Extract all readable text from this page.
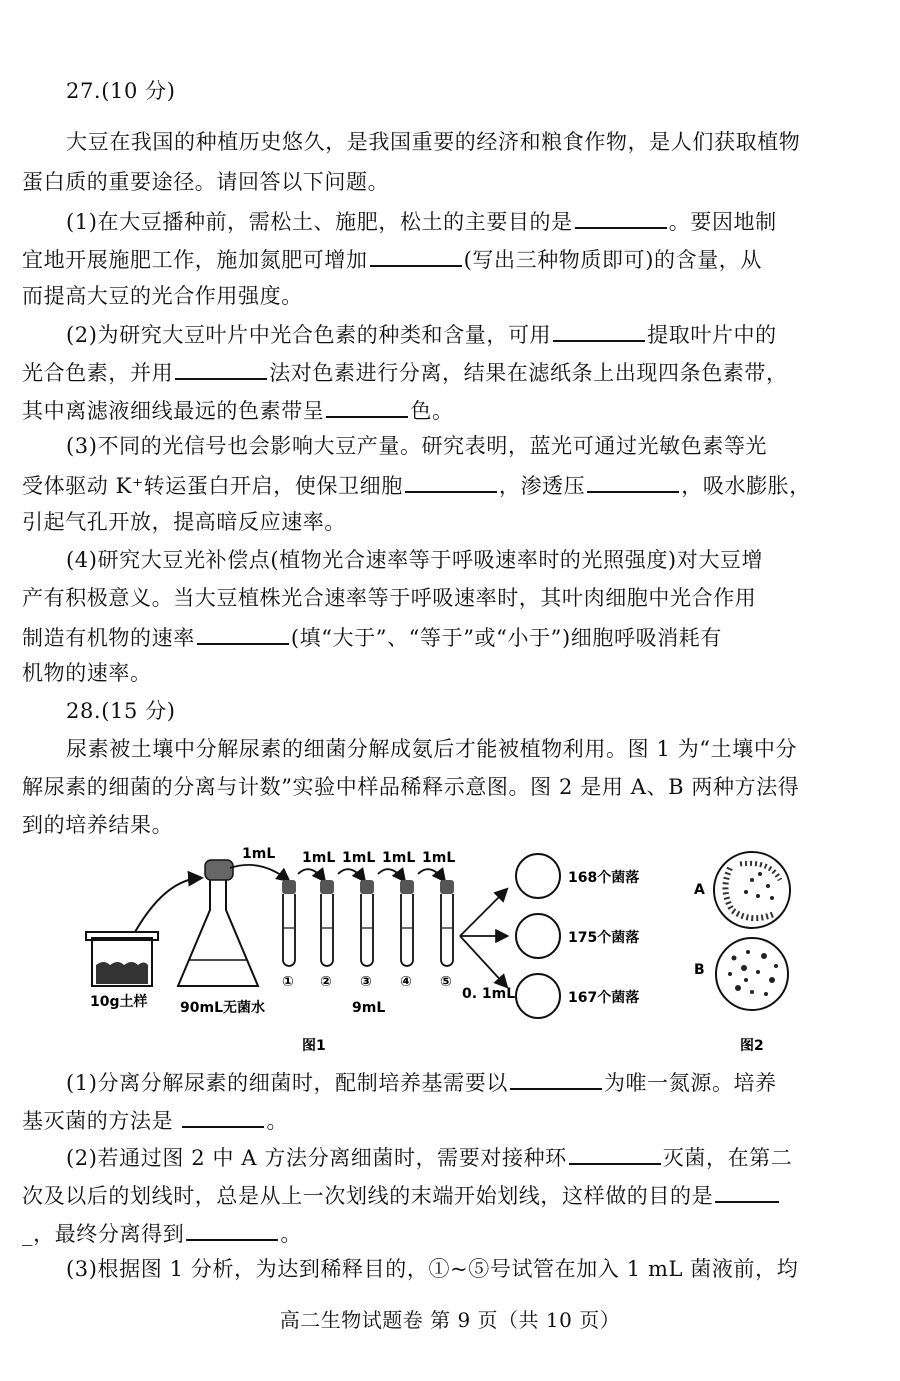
27.(10 分)
大豆在我国的种植历史悠久，是我国重要的经济和粮食作物，是人们获取植物
蛋白质的重要途径。请回答以下问题。
(1)在大豆播种前，需松土、施肥，松土的主要目的是	。要因地制
宜地开展施肥工作，施加氮肥可增加	(写出三种物质即可)的含量，从
而提高大豆的光合作用强度。
(2)为研究大豆叶片中光合色素的种类和含量，可用	提取叶片中的
光合色素，并用	法对色素进行分离，结果在滤纸条上出现四条色素带，
其中离滤液细线最远的色素带呈	色。
(3)不同的光信号也会影响大豆产量。研究表明，蓝光可通过光敏色素等光
受体驱动 K⁺转运蛋白开启，使保卫细胞	，渗透压	，吸水膨胀，
引起气孔开放，提高暗反应速率。
(4)研究大豆光补偿点(植物光合速率等于呼吸速率时的光照强度)对大豆增
产有积极意义。当大豆植株光合速率等于呼吸速率时，其叶肉细胞中光合作用
制造有机物的速率	(填“大于”、“等于”或“小于”)细胞呼吸消耗有
机物的速率。
28.(15 分)
尿素被土壤中分解尿素的细菌分解成氨后才能被植物利用。图 1 为“土壤中分
解尿素的细菌的分离与计数”实验中样品稀释示意图。图 2 是用 A、B 两种方法得
到的培养结果。
10g土样 90mL无菌水
1mL 1mL 1mL 1mL 1mL
① ② ③ ④ ⑤
9mL
0. 1mL
168个菌落
175个菌落
167个菌落
图1
A
B
图2
(1)分离分解尿素的细菌时，配制培养基需要以	为唯一氮源。培养
基灭菌的方法是	。
(2)若通过图 2 中 A 方法分离细菌时，需要对接种环	灭菌，在第二
次及以后的划线时，总是从上一次划线的末端开始划线，这样做的目的是
_，最终分离得到	。
(3)根据图 1 分析，为达到稀释目的，①~⑤号试管在加入 1 mL 菌液前，均
高二生物试题卷 第 9 页（共 10 页）
